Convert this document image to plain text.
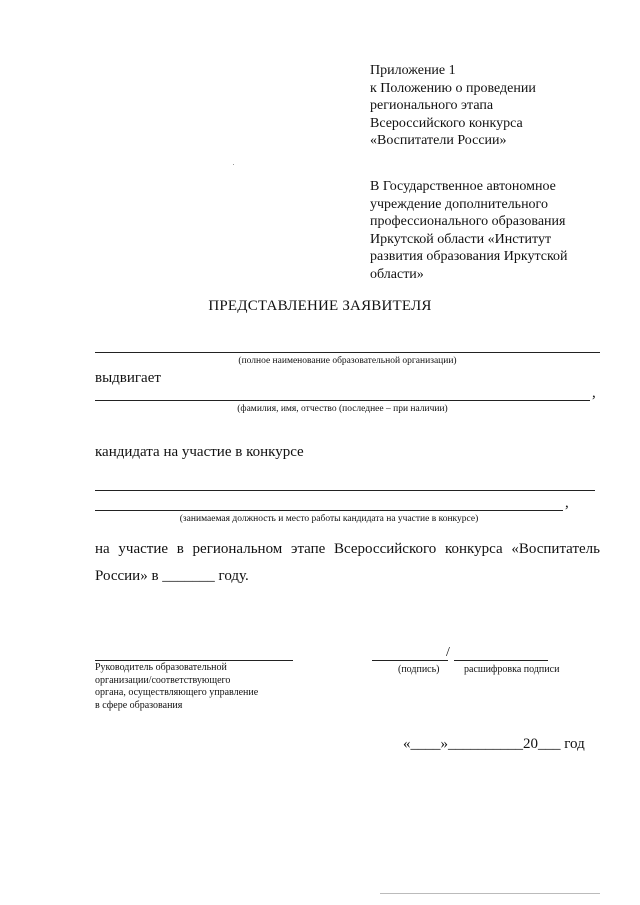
Приложение 1
к Положению о проведении
регионального этапа
Всероссийского конкурса
«Воспитатели России»
В Государственное автономное
учреждение дополнительного
профессионального образования
Иркутской области «Институт
развития образования Иркутской
области»
ПРЕДСТАВЛЕНИЕ ЗАЯВИТЕЛЯ
(полное наименование образовательной организации)
выдвигает
,
(фамилия, имя, отчество (последнее – при наличии)
кандидата на участие в конкурсе
,
(занимаемая должность и место работы кандидата на участие в конкурсе)
на участие в региональном этапе Всероссийского конкурса «Воспитатель
России» в _______ году.
Руководитель образовательной
организации/соответствующего
органа, осуществляющего управление
в сфере образования
/
(подпись) расшифровка подписи
«____»__________20___ год
